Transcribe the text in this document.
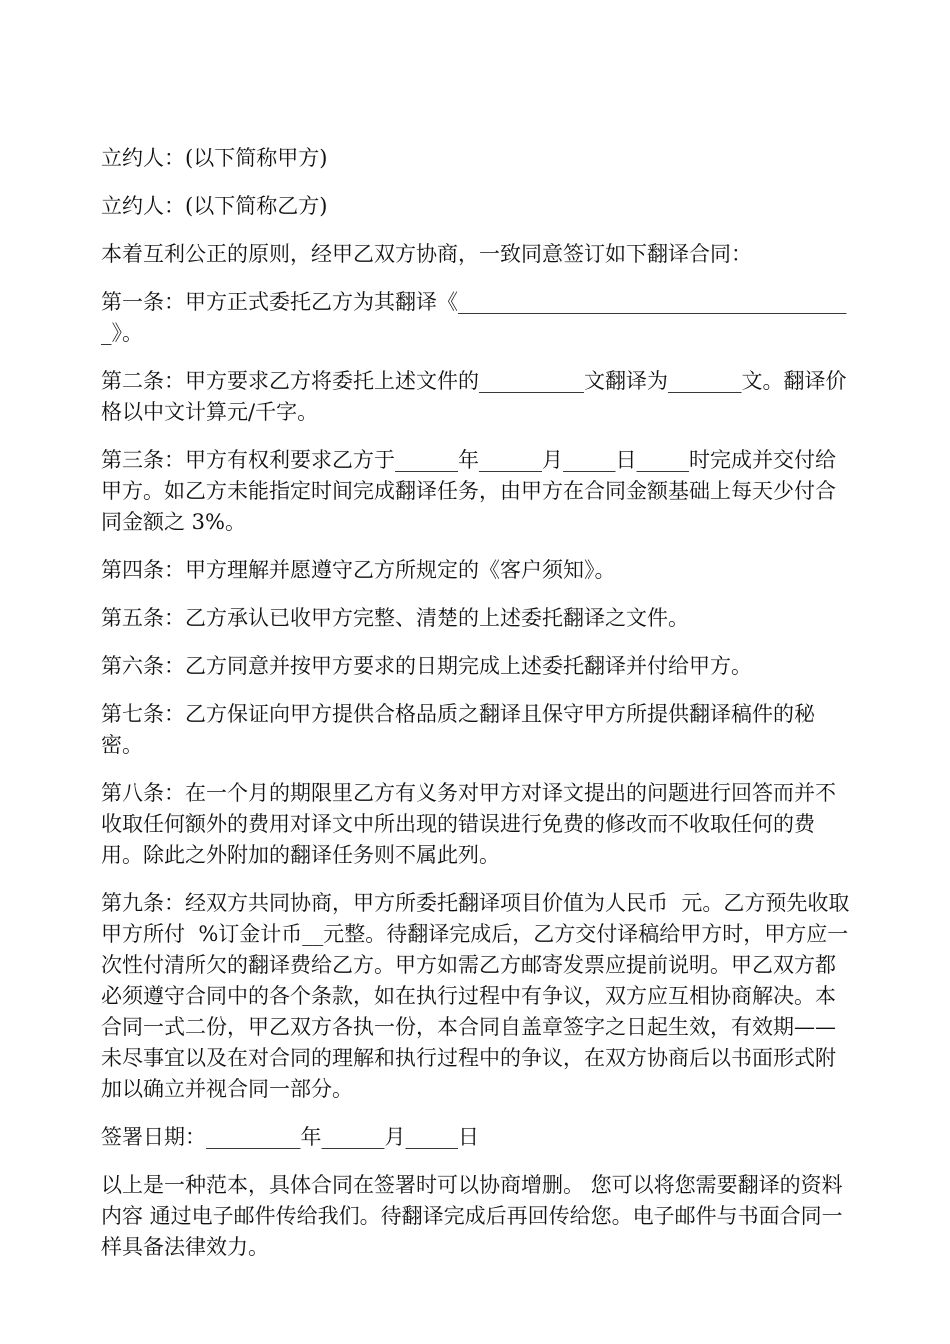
立约人：(以下简称甲方)

立约人：(以下简称乙方)

本着互利公正的原则，经甲乙双方协商，一致同意签订如下翻译合同：

第一条：甲方正式委托乙方为其翻译《______________________________________》。

第二条：甲方要求乙方将委托上述文件的__________文翻译为_______文。翻译价格以中文计算元/千字。

第三条：甲方有权利要求乙方于______年______月_____日_____时完成并交付给甲方。如乙方未能指定时间完成翻译任务，由甲方在合同金额基础上每天少付合同金额之 3%。

第四条：甲方理解并愿遵守乙方所规定的《客户须知》。

第五条：乙方承认已收甲方完整、清楚的上述委托翻译之文件。

第六条：乙方同意并按甲方要求的日期完成上述委托翻译并付给甲方。

第七条：乙方保证向甲方提供合格品质之翻译且保守甲方所提供翻译稿件的秘密。

第八条：在一个月的期限里乙方有义务对甲方对译文提出的问题进行回答而并不收取任何额外的费用对译文中所出现的错误进行免费的修改而不收取任何的费用。除此之外附加的翻译任务则不属此列。

第九条：经双方共同协商，甲方所委托翻译项目价值为人民币  元。乙方预先收取甲方所付  %订金计币__元整。待翻译完成后，乙方交付译稿给甲方时，甲方应一次性付清所欠的翻译费给乙方。甲方如需乙方邮寄发票应提前说明。甲乙双方都必须遵守合同中的各个条款，如在执行过程中有争议，双方应互相协商解决。本合同一式二份，甲乙双方各执一份，本合同自盖章签字之日起生效，有效期——未尽事宜以及在对合同的理解和执行过程中的争议，在双方协商后以书面形式附加以确立并视合同一部分。

签署日期：_________年______月_____日

以上是一种范本，具体合同在签署时可以协商增删。 您可以将您需要翻译的资料内容 通过电子邮件传给我们。待翻译完成后再回传给您。电子邮件与书面合同一样具备法律效力。
